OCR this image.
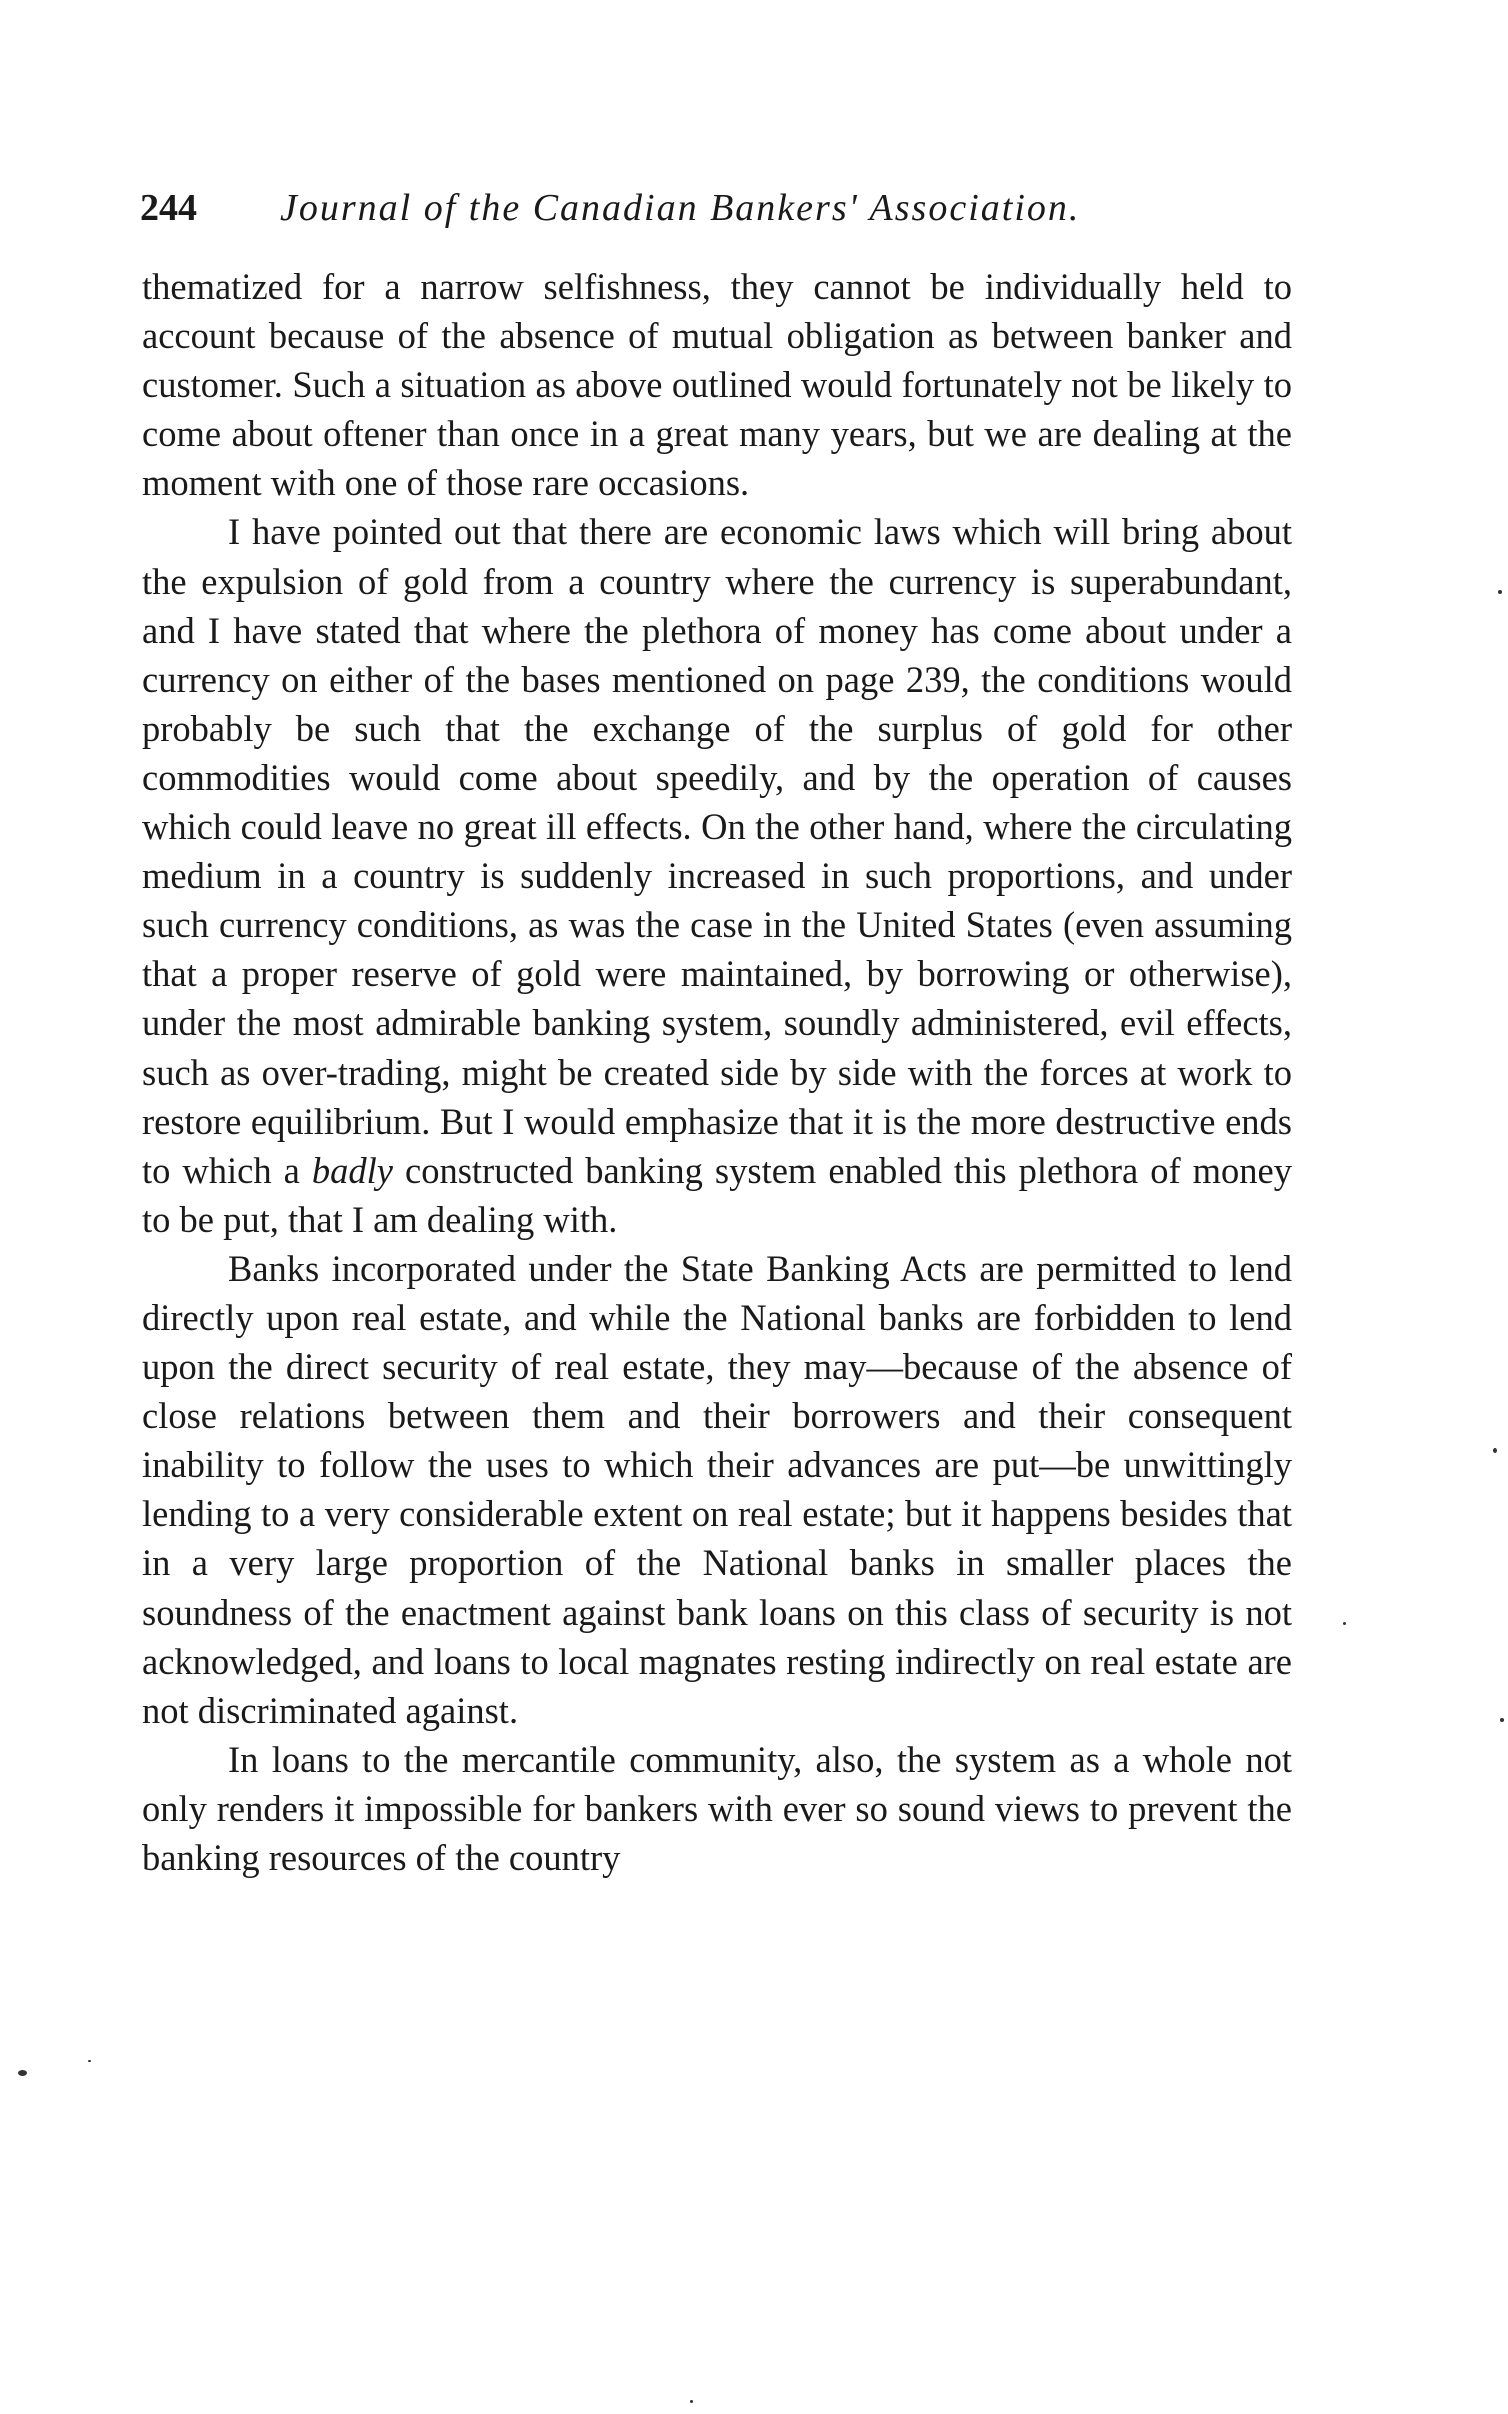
244 Journal of the Canadian Bankers' Association.

thematized for a narrow selfishness, they cannot be individually held to account because of the absence of mutual obligation as between banker and customer. Such a situation as above outlined would fortunately not be likely to come about oftener than once in a great many years, but we are dealing at the moment with one of those rare occasions.

I have pointed out that there are economic laws which will bring about the expulsion of gold from a country where the currency is superabundant, and I have stated that where the plethora of money has come about under a currency on either of the bases mentioned on page 239, the conditions would probably be such that the exchange of the surplus of gold for other commodities would come about speedily, and by the operation of causes which could leave no great ill effects. On the other hand, where the circulating medium in a country is suddenly increased in such proportions, and under such currency conditions, as was the case in the United States (even assuming that a proper reserve of gold were maintained, by borrowing or otherwise), under the most admirable banking system, soundly administered, evil effects, such as over-trading, might be created side by side with the forces at work to restore equilibrium. But I would emphasize that it is the more destructive ends to which a badly constructed banking system enabled this plethora of money to be put, that I am dealing with.

Banks incorporated under the State Banking Acts are permitted to lend directly upon real estate, and while the National banks are forbidden to lend upon the direct security of real estate, they may—because of the absence of close relations between them and their borrowers and their consequent inability to follow the uses to which their advances are put—be unwittingly lending to a very considerable extent on real estate; but it happens besides that in a very large proportion of the National banks in smaller places the soundness of the enactment against bank loans on this class of security is not acknowledged, and loans to local magnates resting indirectly on real estate are not discriminated against.

In loans to the mercantile community, also, the system as a whole not only renders it impossible for bankers with ever so sound views to prevent the banking resources of the country
